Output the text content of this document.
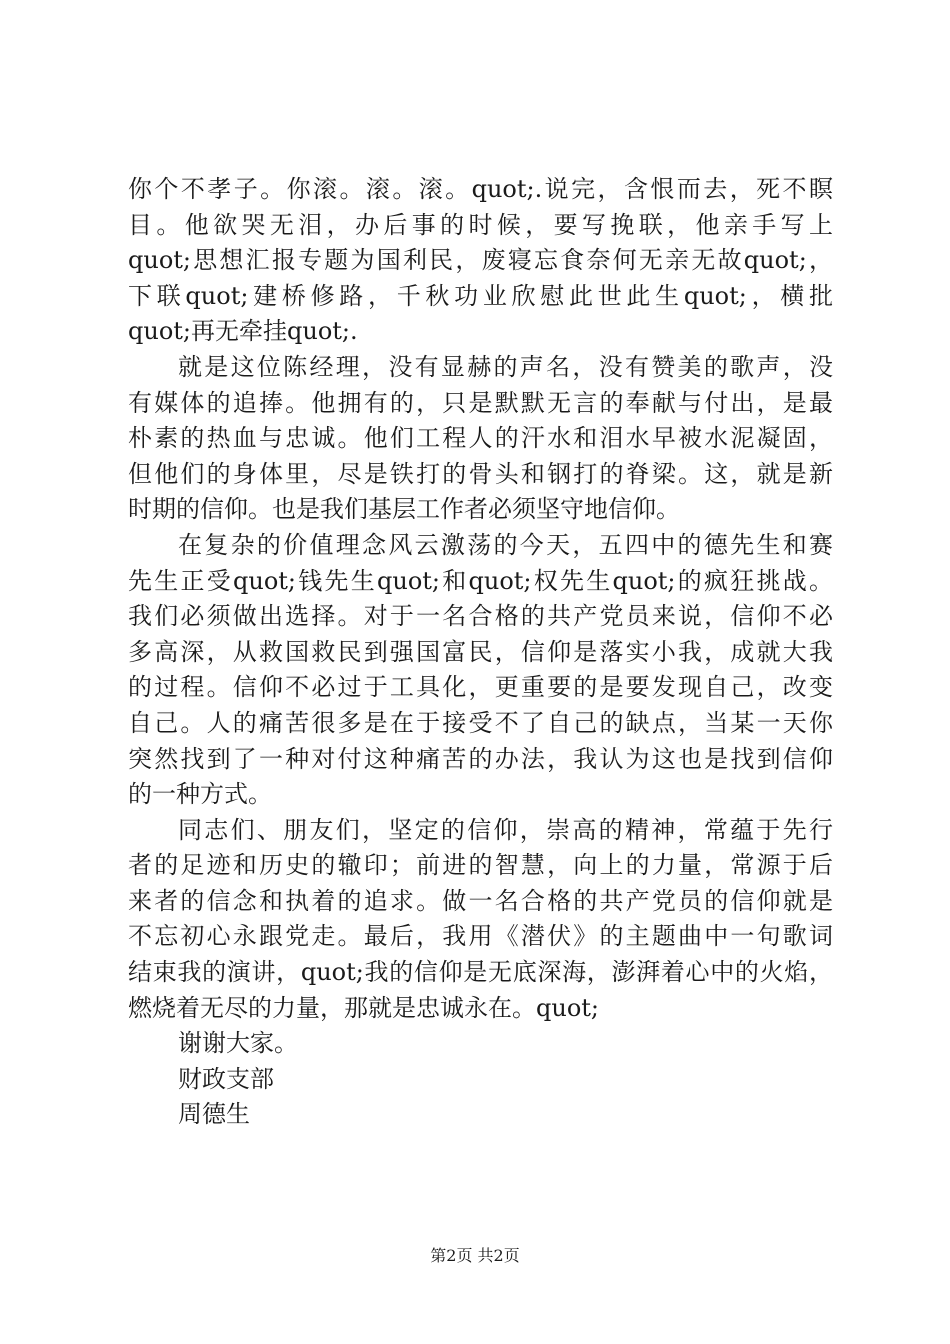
你个不孝子。你滚。滚。滚。quot;.说完，含恨而去，死不瞑
目。他欲哭无泪，办后事的时候，要写挽联，他亲手写上
quot;思想汇报专题为国利民，废寝忘食奈何无亲无故quot;，
下联quot;建桥修路，千秋功业欣慰此世此生quot;，横批
quot;再无牵挂quot;.
就是这位陈经理，没有显赫的声名，没有赞美的歌声，没
有媒体的追捧。他拥有的，只是默默无言的奉献与付出，是最
朴素的热血与忠诚。他们工程人的汗水和泪水早被水泥凝固，
但他们的身体里，尽是铁打的骨头和钢打的脊梁。这，就是新
时期的信仰。也是我们基层工作者必须坚守地信仰。
在复杂的价值理念风云激荡的今天，五四中的德先生和赛
先生正受quot;钱先生quot;和quot;权先生quot;的疯狂挑战。
我们必须做出选择。对于一名合格的共产党员来说，信仰不必
多高深，从救国救民到强国富民，信仰是落实小我，成就大我
的过程。信仰不必过于工具化，更重要的是要发现自己，改变
自己。人的痛苦很多是在于接受不了自己的缺点，当某一天你
突然找到了一种对付这种痛苦的办法，我认为这也是找到信仰
的一种方式。
同志们、朋友们，坚定的信仰，崇高的精神，常蕴于先行
者的足迹和历史的辙印；前进的智慧，向上的力量，常源于后
来者的信念和执着的追求。做一名合格的共产党员的信仰就是
不忘初心永跟党走。最后，我用《潜伏》的主题曲中一句歌词
结束我的演讲，quot;我的信仰是无底深海，澎湃着心中的火焰，
燃烧着无尽的力量，那就是忠诚永在。quot;
谢谢大家。
财政支部
周德生
第2页 共2页
